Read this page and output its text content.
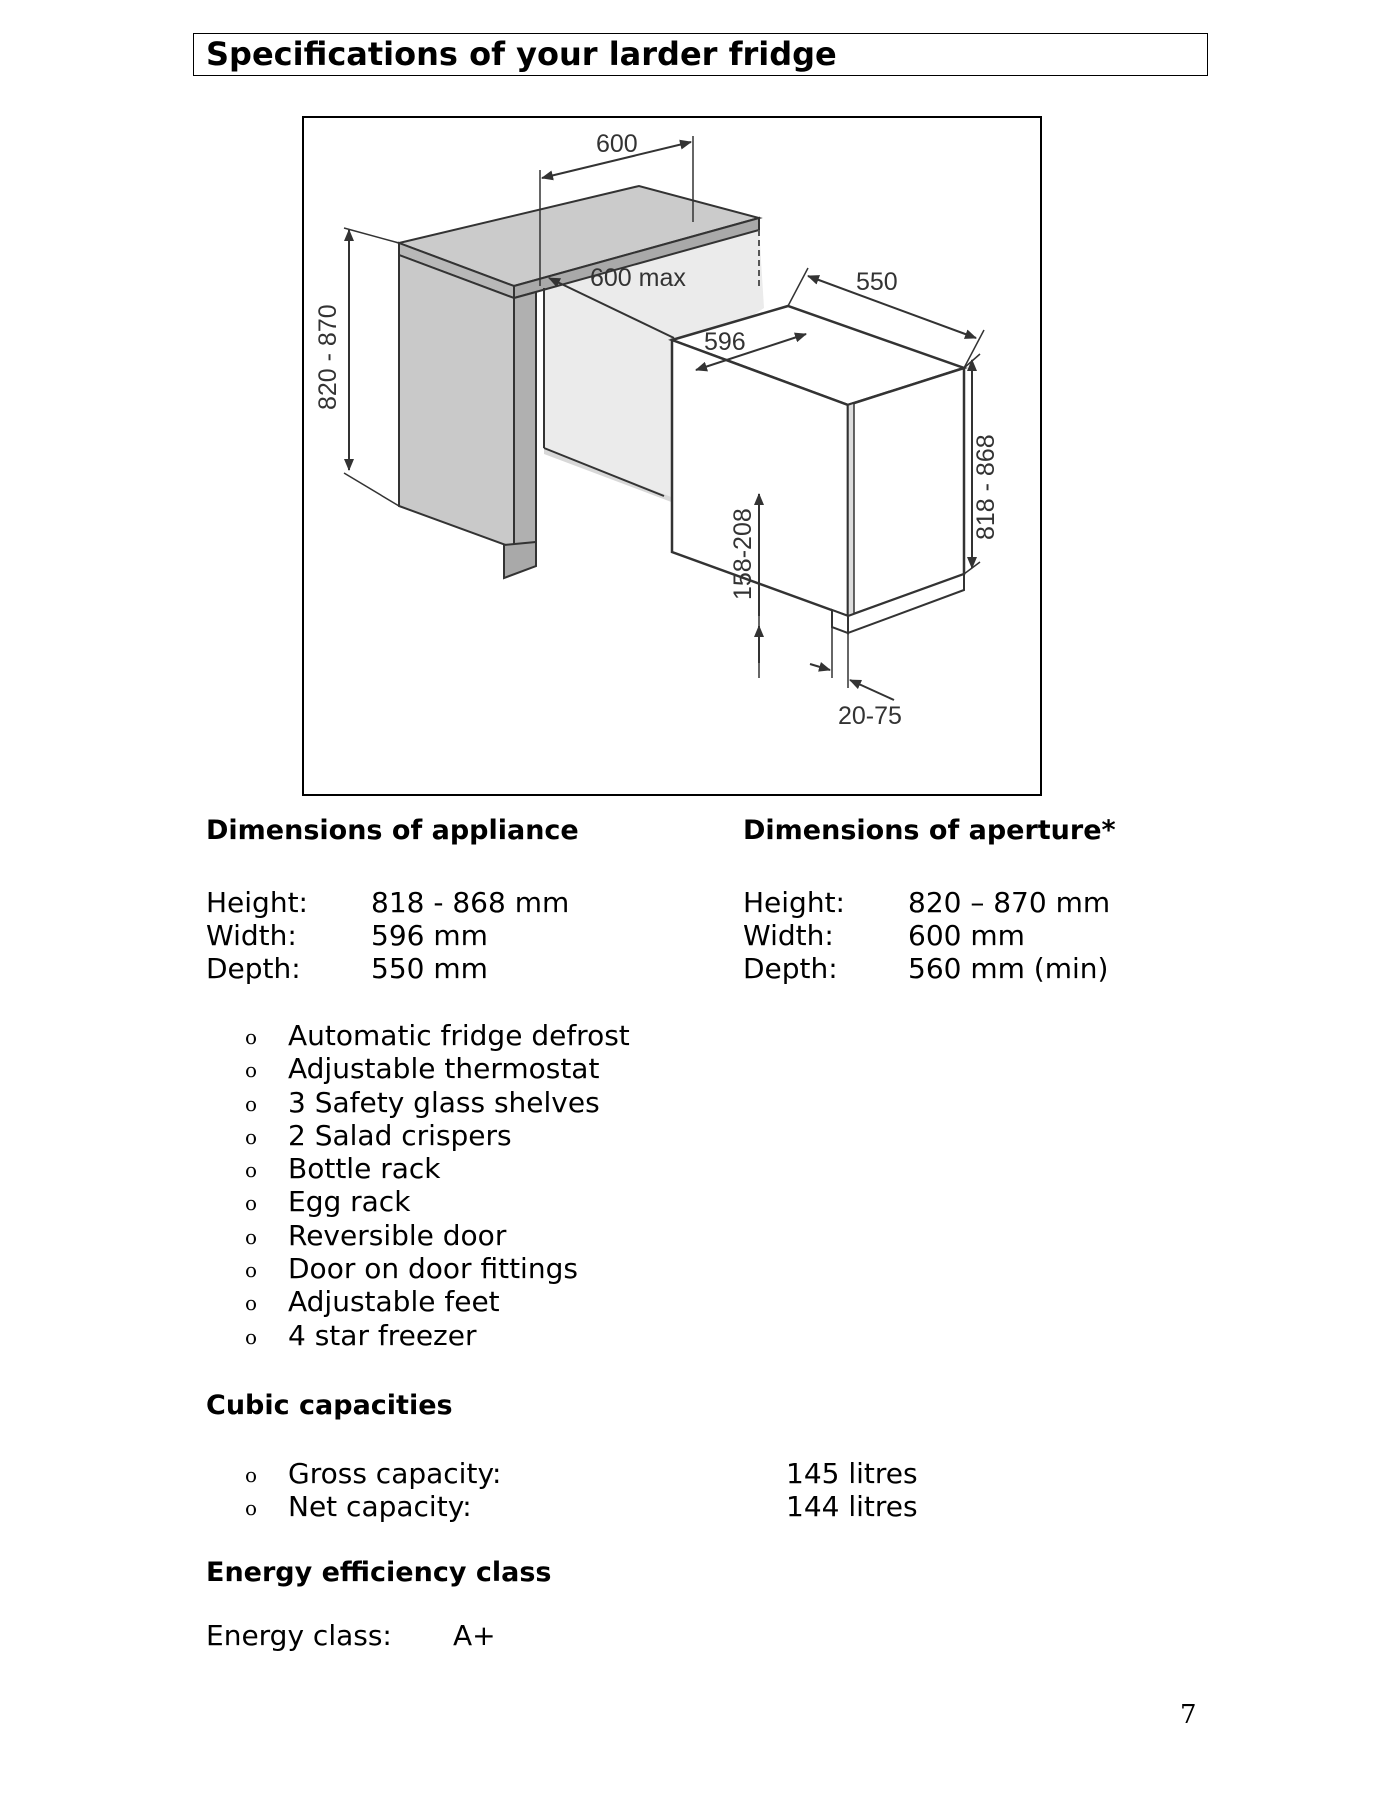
Specifications of your larder fridge
600
820 - 870
600 max
596
550
818 - 868
158-208
20-75
Dimensions of appliance
Height:	818 - 868 mm
Width:	596 mm
Depth:	550 mm
Dimensions of aperture*
Height:	820 – 870 mm
Width:	600 mm
Depth:	560 mm (min)
o	Automatic fridge defrost
o	Adjustable thermostat
o	3 Safety glass shelves
o	2 Salad crispers
o	Bottle rack
o	Egg rack
o	Reversible door
o	Door on door fittings
o	Adjustable feet
o	4 star freezer
Cubic capacities
o	Gross capacity:	145 litres
o	Net capacity:	144 litres
Energy efficiency class
Energy class:	A+
7
